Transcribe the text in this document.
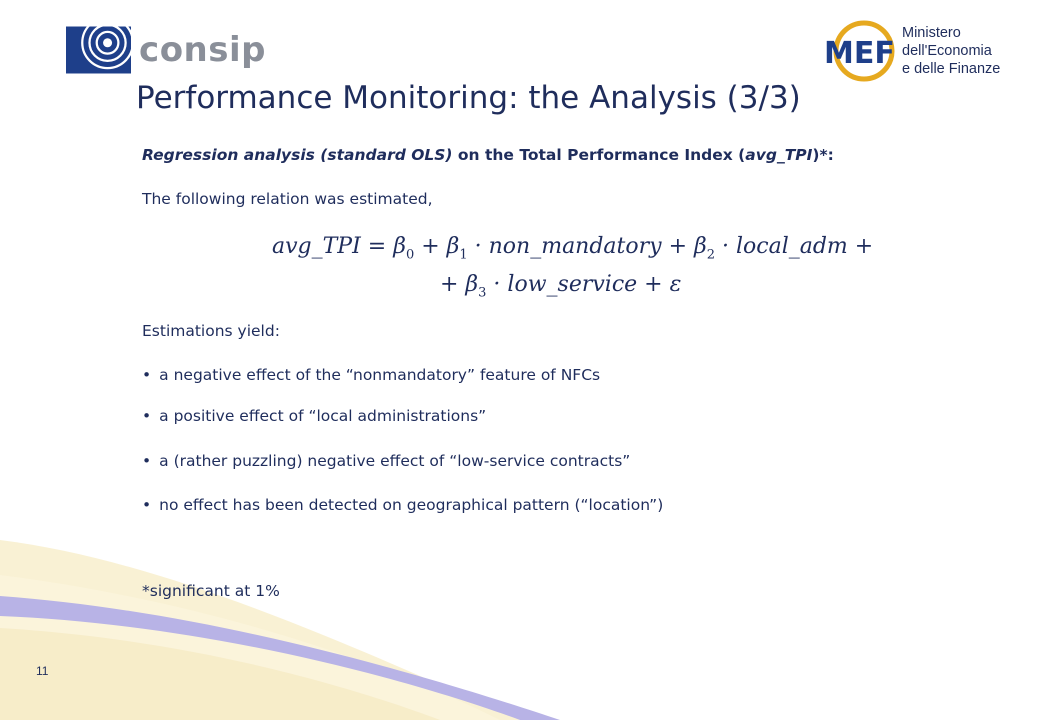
consip	MEF
Ministero
dell'Economia
e delle Finanze
Performance Monitoring: the Analysis (3/3)
Regression analysis (standard OLS) on the Total Performance Index (avg_TPI)*:
The following relation was estimated,
avg_TPI = $\beta_0 + \beta_1$ · non_mandatory + $\beta_2$ · local_adm +
+ $\beta_3$ · low_service + ε
Estimations yield:
• a negative effect of the “nonmandatory” feature of NFCs
• a positive effect of “local administrations”
• a (rather puzzling) negative effect of “low-service contracts”
• no effect has been detected on geographical pattern (“location”)
*significant at 1%
11
